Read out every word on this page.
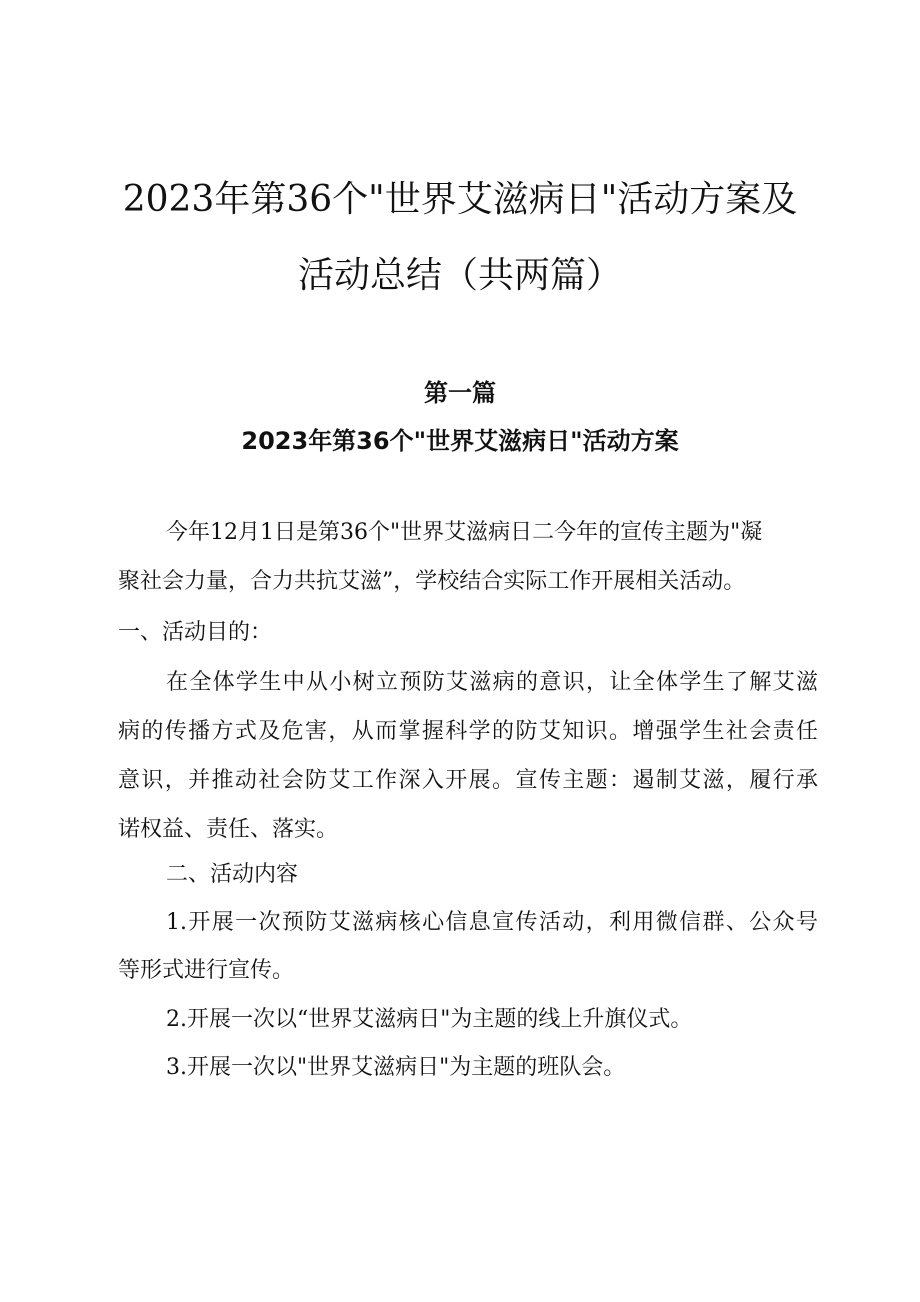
2023年第36个"世界艾滋病日"活动方案及
活动总结（共两篇）
第一篇
2023年第36个"世界艾滋病日"活动方案

今年12月1日是第36个"世界艾滋病日二今年的宣传主题为"凝

聚社会力量，合力共抗艾滋”，学校结合实际工作开展相关活动。

一、活动目的：

在全体学生中从小树立预防艾滋病的意识，让全体学生了解艾滋

病的传播方式及危害，从而掌握科学的防艾知识。增强学生社会责任

意识，并推动社会防艾工作深入开展。宣传主题：遏制艾滋，履行承

诺权益、责任、落实。

二、活动内容

1.开展一次预防艾滋病核心信息宣传活动，利用微信群、公众号

等形式进行宣传。

2.开展一次以“世界艾滋病日"为主题的线上升旗仪式。

3.开展一次以"世界艾滋病日"为主题的班队会。
